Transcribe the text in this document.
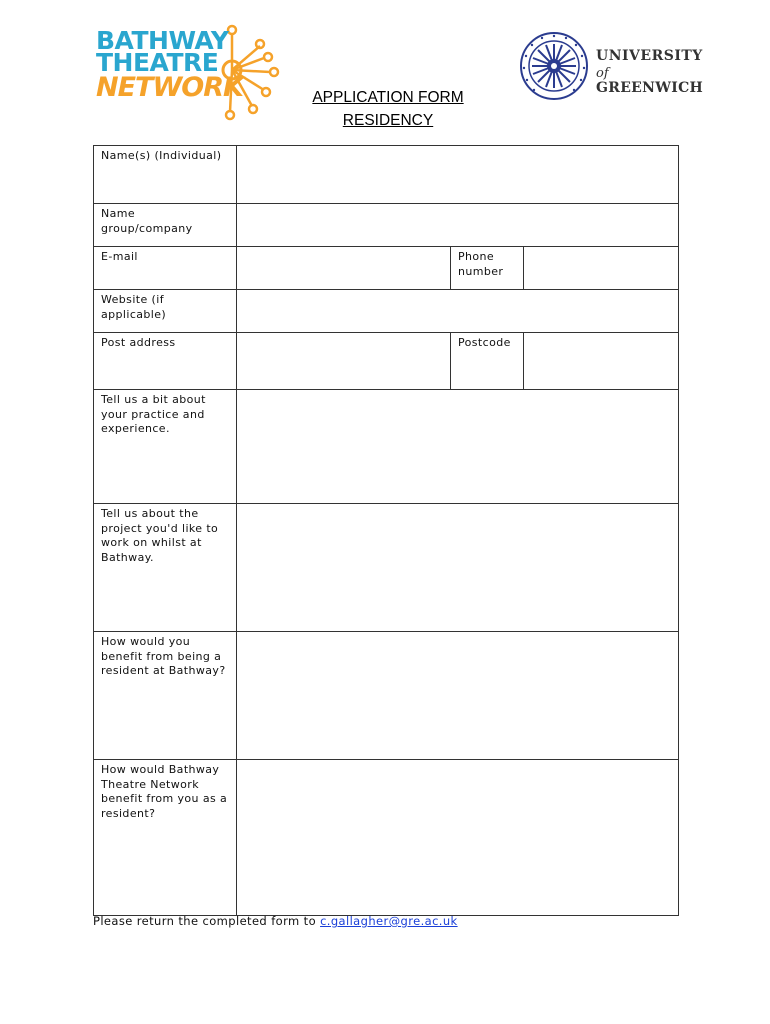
BATHWAY
THEATRE
NETWORK
UNIVERSITY
of
GREENWICH
APPLICATION FORM
RESIDENCY
Name(s) (Individual)			
Name group/company			
E-mail		Phone number	
Website (if applicable)			
Post address		Postcode	
Tell us a bit about your practice and experience.			
Tell us about the project you'd like to work on whilst at Bathway.			
How would you benefit from being a resident at Bathway?			
How would Bathway Theatre Network benefit from you as a resident?			
Please return the completed form to c.gallagher@gre.ac.uk
